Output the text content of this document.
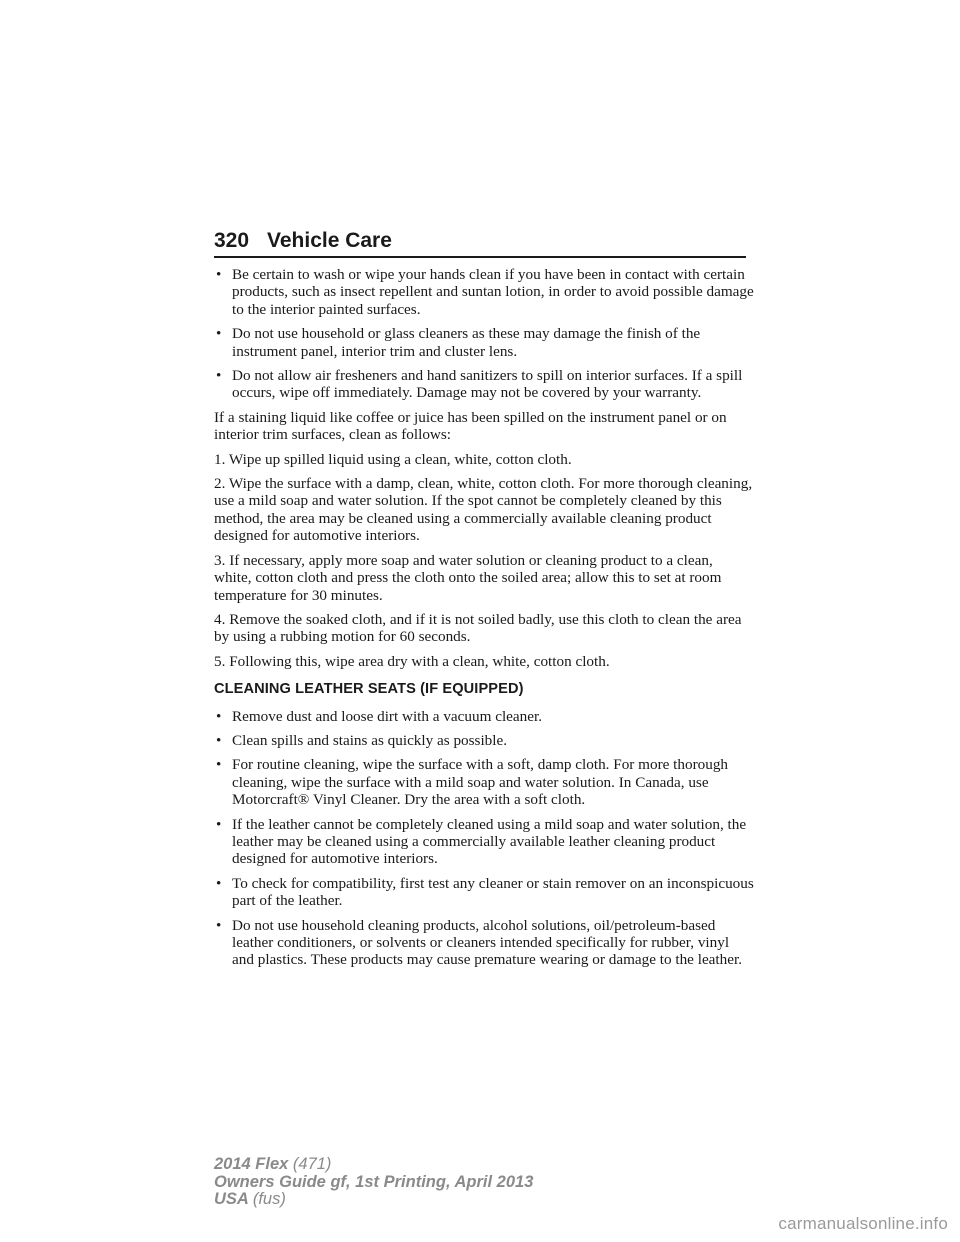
320 Vehicle Care
• Be certain to wash or wipe your hands clean if you have been in contact with certain products, such as insect repellent and suntan lotion, in order to avoid possible damage to the interior painted surfaces.
• Do not use household or glass cleaners as these may damage the finish of the instrument panel, interior trim and cluster lens.
• Do not allow air fresheners and hand sanitizers to spill on interior surfaces. If a spill occurs, wipe off immediately. Damage may not be covered by your warranty.

If a staining liquid like coffee or juice has been spilled on the instrument panel or on interior trim surfaces, clean as follows:

1. Wipe up spilled liquid using a clean, white, cotton cloth.

2. Wipe the surface with a damp, clean, white, cotton cloth. For more thorough cleaning, use a mild soap and water solution. If the spot cannot be completely cleaned by this method, the area may be cleaned using a commercially available cleaning product designed for automotive interiors.

3. If necessary, apply more soap and water solution or cleaning product to a clean, white, cotton cloth and press the cloth onto the soiled area; allow this to set at room temperature for 30 minutes.

4. Remove the soaked cloth, and if it is not soiled badly, use this cloth to clean the area by using a rubbing motion for 60 seconds.

5. Following this, wipe area dry with a clean, white, cotton cloth.

CLEANING LEATHER SEATS (IF EQUIPPED)
• Remove dust and loose dirt with a vacuum cleaner.
• Clean spills and stains as quickly as possible.
• For routine cleaning, wipe the surface with a soft, damp cloth. For more thorough cleaning, wipe the surface with a mild soap and water solution. In Canada, use Motorcraft® Vinyl Cleaner. Dry the area with a soft cloth.
• If the leather cannot be completely cleaned using a mild soap and water solution, the leather may be cleaned using a commercially available leather cleaning product designed for automotive interiors.
• To check for compatibility, first test any cleaner or stain remover on an inconspicuous part of the leather.
• Do not use household cleaning products, alcohol solutions, oil/petroleum-based leather conditioners, or solvents or cleaners intended specifically for rubber, vinyl and plastics. These products may cause premature wearing or damage to the leather.
2014 Flex (471)
Owners Guide gf, 1st Printing, April 2013
USA (fus)
carmanualsonline.info
